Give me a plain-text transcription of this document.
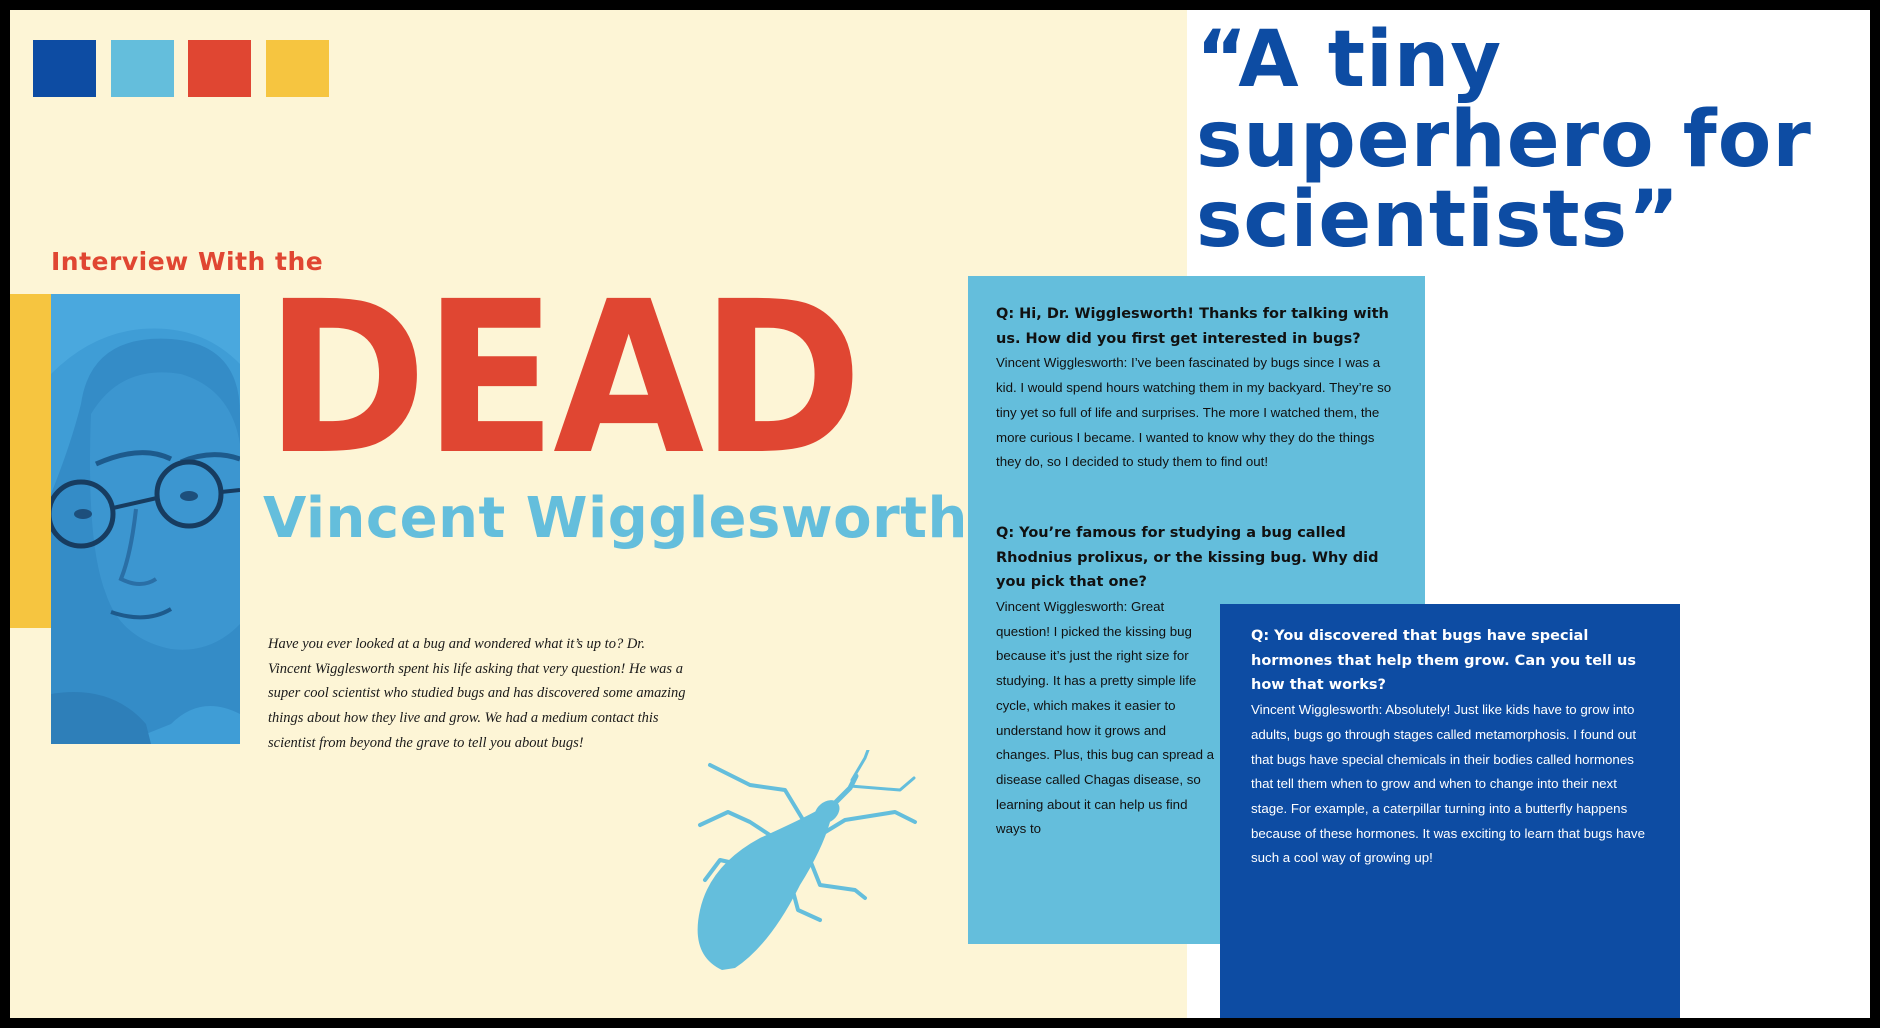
Interview With the
DEAD
Vincent Wigglesworth

Have you ever looked at a bug and wondered what it’s up to? Dr. Vincent Wigglesworth spent his life asking that very question! He was a super cool scientist who studied bugs and has discovered some amazing things about how they live and grow. We had a medium contact this scientist from beyond the grave to tell you about bugs!

“A tiny superhero for scientists”

Q: Hi, Dr. Wigglesworth! Thanks for talking with us. How did you first get interested in bugs?

Vincent Wigglesworth: I’ve been fascinated by bugs since I was a kid. I would spend hours watching them in my backyard. They’re so tiny yet so full of life and surprises. The more I watched them, the more curious I became. I wanted to know why they do the things they do, so I decided to study them to find out!

Q: You’re famous for studying a bug called Rhodnius prolixus, or the kissing bug. Why did you pick that one?

Vincent Wigglesworth: Great question! I picked the kissing bug because it’s just the right size for studying. It has a pretty simple life cycle, which makes it easier to understand how it grows and changes. Plus, this bug can spread a disease called Chagas disease, so learning about it can help us find ways to

Q: You discovered that bugs have special hormones that help them grow. Can you tell us how that works?

Vincent Wigglesworth: Absolutely! Just like kids have to grow into adults, bugs go through stages called metamorphosis. I found out that bugs have special chemicals in their bodies called hormones that tell them when to grow and when to change into their next stage. For example, a caterpillar turning into a butterfly happens because of these hormones. It was exciting to learn that bugs have such a cool way of growing up!
